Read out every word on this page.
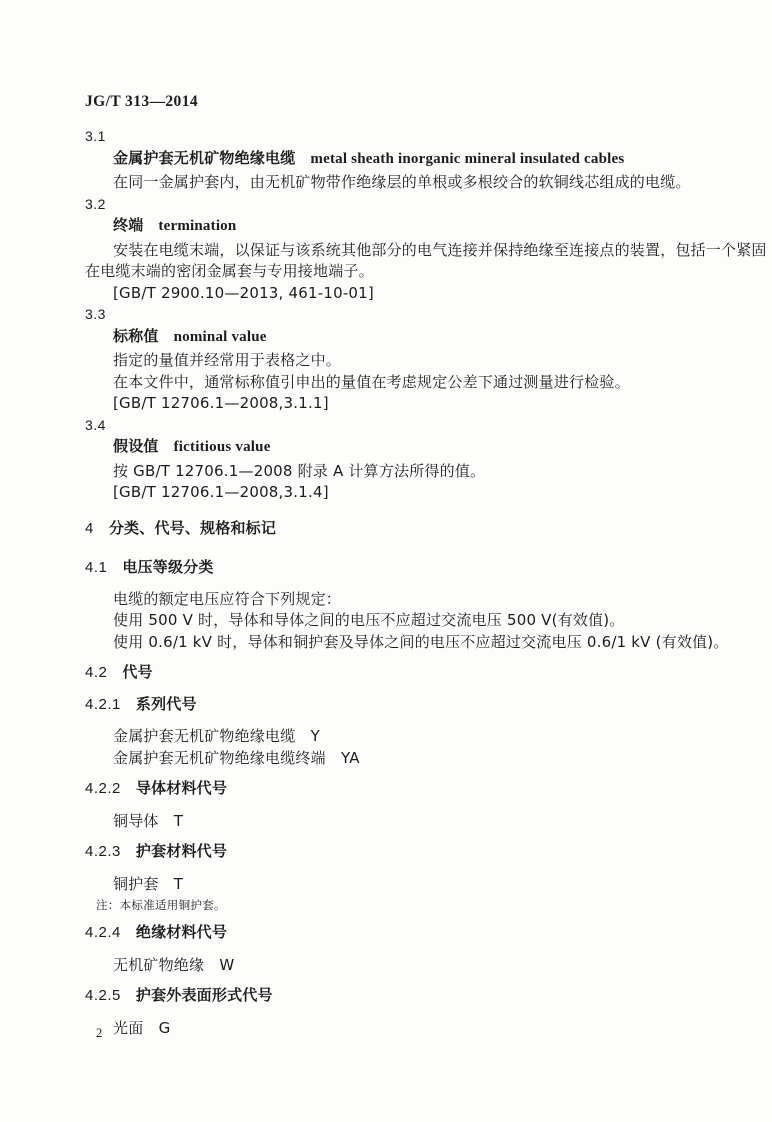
JG/T 313—2014
3.1
金属护套无机矿物绝缘电缆 metal sheath inorganic mineral insulated cables
在同一金属护套内，由无机矿物带作绝缘层的单根或多根绞合的软铜线芯组成的电缆。
3.2
终端 termination
安装在电缆末端，以保证与该系统其他部分的电气连接并保持绝缘至连接点的装置，包括一个紧固
在电缆末端的密闭金属套与专用接地端子。
[GB/T 2900.10—2013, 461-10-01]
3.3
标称值 nominal value
指定的量值并经常用于表格之中。
在本文件中，通常标称值引申出的量值在考虑规定公差下通过测量进行检验。
[GB/T 12706.1—2008,3.1.1]
3.4
假设值 fictitious value
按 GB/T 12706.1—2008 附录 A 计算方法所得的值。
[GB/T 12706.1—2008,3.1.4]
4 分类、代号、规格和标记
4.1 电压等级分类
电缆的额定电压应符合下列规定：
使用 500 V 时，导体和导体之间的电压不应超过交流电压 500 V(有效值)。
使用 0.6/1 kV 时，导体和铜护套及导体之间的电压不应超过交流电压 0.6/1 kV (有效值)。
4.2 代号
4.2.1 系列代号
金属护套无机矿物绝缘电缆　Y
金属护套无机矿物绝缘电缆终端　YA
4.2.2 导体材料代号
铜导体　T
4.2.3 护套材料代号
铜护套　T
注：本标准适用铜护套。
4.2.4 绝缘材料代号
无机矿物绝缘　W
4.2.5 护套外表面形式代号
光面　G
2
